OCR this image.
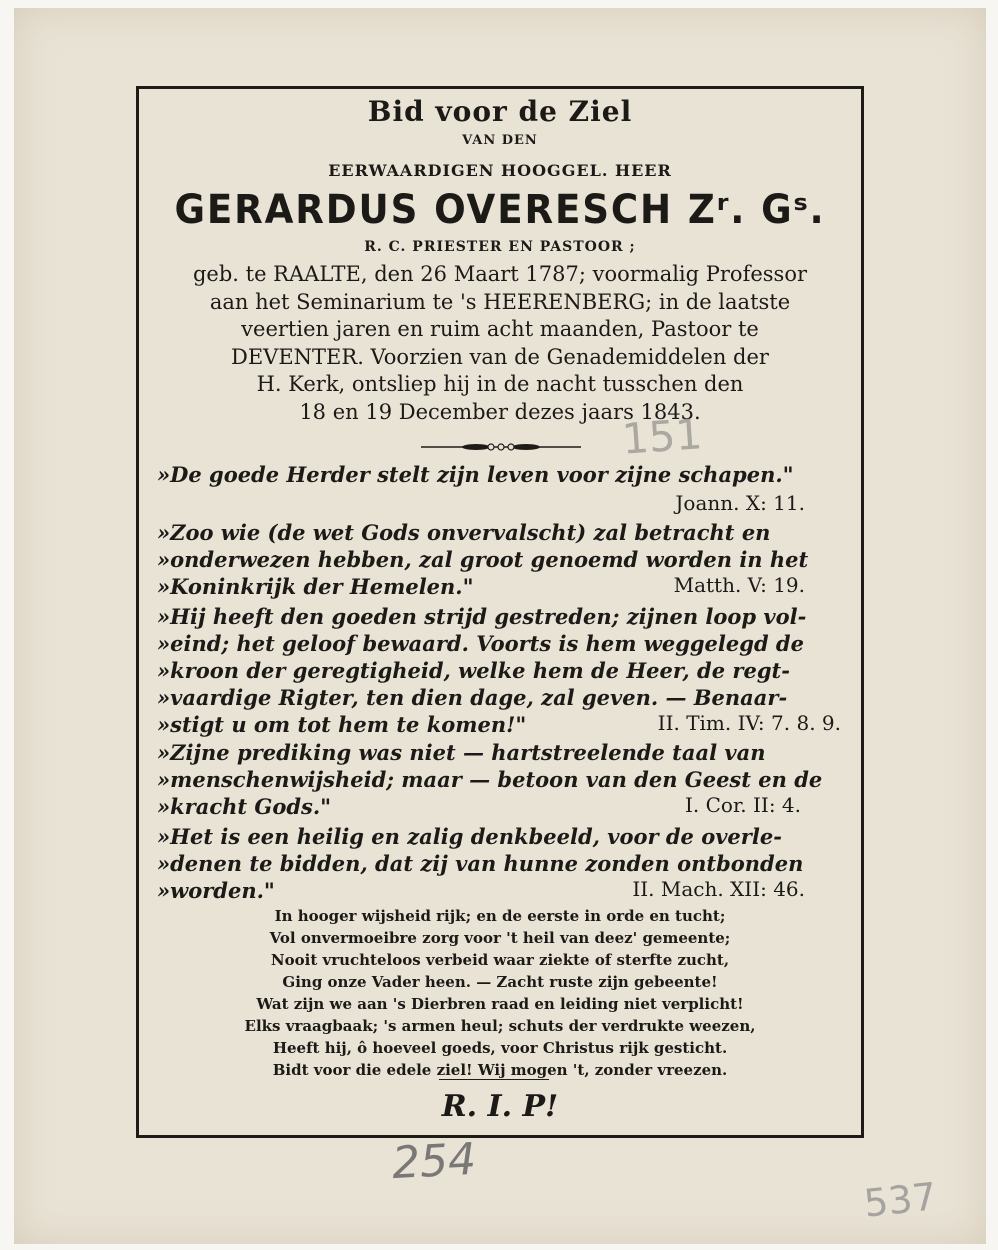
Bid voor de Ziel
VAN DEN
EERWAARDIGEN HOOGGEL. HEER
GERARDUS OVERESCH Zʳ. Gˢ.
R. C. PRIESTER EN PASTOOR ;
geb. te RAALTE, den 26 Maart 1787; voormalig Professor
aan het Seminarium te 's HEERENBERG; in de laatste
veertien jaren en ruim acht maanden, Pastoor te
DEVENTER. Voorzien van de Genademiddelen der
H. Kerk, ontsliep hij in de nacht tusschen den
18 en 19 December dezes jaars 1843.
»De goede Herder stelt zijn leven voor zijne schapen."
Joann. X: 11.
»Zoo wie (de wet Gods onvervalscht) zal betracht en
»onderwezen hebben, zal groot genoemd worden in het
»Koninkrijk der Hemelen."	Matth. V: 19.
»Hij heeft den goeden strijd gestreden; zijnen loop vol-
»eind; het geloof bewaard. Voorts is hem weggelegd de
»kroon der geregtigheid, welke hem de Heer, de regt-
»vaardige Rigter, ten dien dage, zal geven. — Benaar-
»stigt u om tot hem te komen!"	II. Tim. IV: 7. 8. 9.
»Zijne prediking was niet — hartstreelende taal van
»menschenwijsheid; maar — betoon van den Geest en de
»kracht Gods."	I. Cor. II: 4.
»Het is een heilig en zalig denkbeeld, voor de overle-
»denen te bidden, dat zij van hunne zonden ontbonden
»worden."	II. Mach. XII: 46.
In hooger wijsheid rijk; en de eerste in orde en tucht;
Vol onvermoeibre zorg voor 't heil van deez' gemeente;
Nooit vruchteloos verbeid waar ziekte of sterfte zucht,
Ging onze Vader heen. — Zacht ruste zijn gebeente!
Wat zijn we aan 's Dierbren raad en leiding niet verplicht!
Elks vraagbaak; 's armen heul; schuts der verdrukte weezen,
Heeft hij, ô hoeveel goeds, voor Christus rijk gesticht.
Bidt voor die edele ziel! Wij mogen 't, zonder vreezen.
R. I. P!
151
254
537
